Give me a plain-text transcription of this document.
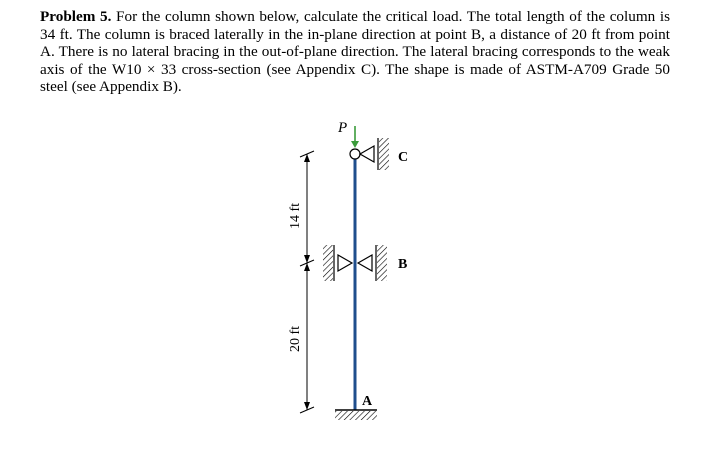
Problem 5. For the column shown below, calculate the critical load. The total length of the column is 34 ft. The column is braced laterally in the in-plane direction at point B, a distance of 20 ft from point A. There is no lateral bracing in the out-of-plane direction. The lateral bracing corresponds to the weak axis of the W10 × 33 cross-section (see Appendix C). The shape is made of ASTM-A709 Grade 50 steel (see Appendix B).
P
C
B
A
14 ft
20 ft
